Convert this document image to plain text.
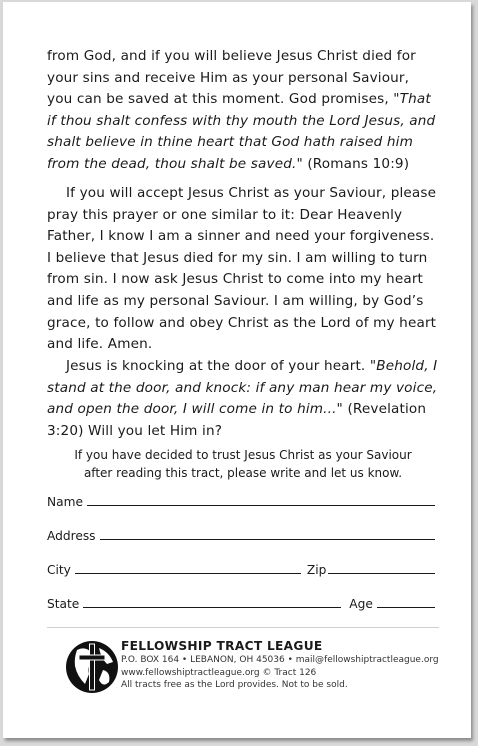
from God, and if you will believe Jesus Christ died for your sins and receive Him as your personal Saviour, you can be saved at this moment. God promises, "That if thou shalt confess with thy mouth the Lord Jesus, and shalt believe in thine heart that God hath raised him from the dead, thou shalt be saved." (Romans 10:9)
If you will accept Jesus Christ as your Saviour, please pray this prayer or one similar to it: Dear Heavenly Father, I know I am a sinner and need your forgiveness. I believe that Jesus died for my sin. I am willing to turn from sin. I now ask Jesus Christ to come into my heart and life as my personal Saviour. I am willing, by God’s grace, to follow and obey Christ as the Lord of my heart and life. Amen.
Jesus is knocking at the door of your heart. "Behold, I stand at the door, and knock: if any man hear my voice, and open the door, I will come in to him..." (Revelation 3:20) Will you let Him in?
If you have decided to trust Jesus Christ as your Saviour
after reading this tract, please write and let us know.
Name
Address
City	Zip
State	Age
FELLOWSHIP TRACT LEAGUE
P.O. BOX 164 • LEBANON, OH 45036 • mail@fellowshiptractleague.org
www.fellowshiptractleague.org © Tract 126
All tracts free as the Lord provides. Not to be sold.
